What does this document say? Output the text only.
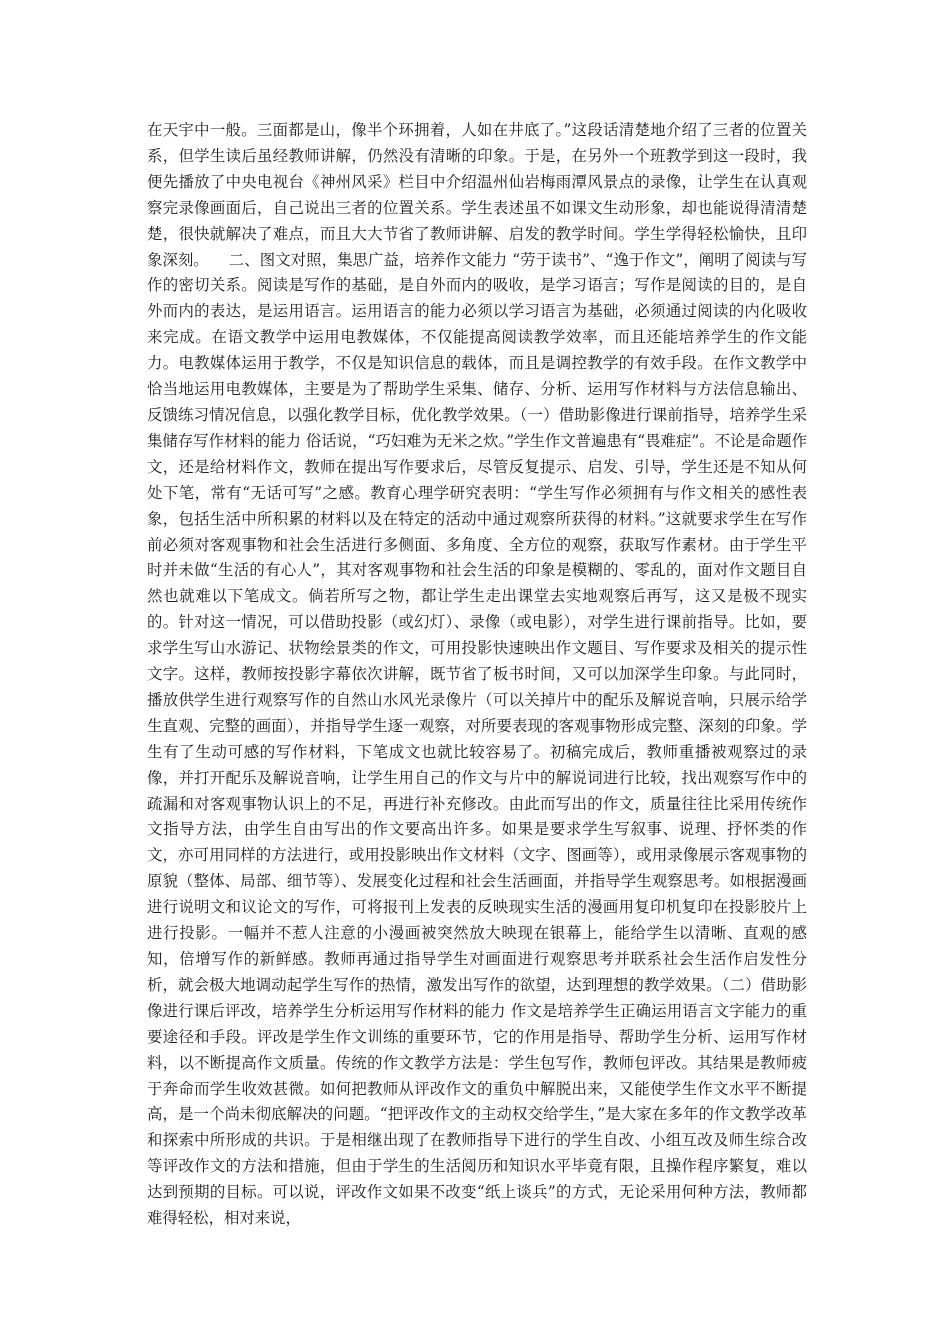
在天宇中一般。三面都是山，像半个环拥着，人如在井底了。”这段话清楚地介绍了三者的位置关系，但学生读后虽经教师讲解，仍然没有清晰的印象。于是，在另外一个班教学到这一段时，我便先播放了中央电视台《神州风采》栏目中介绍温州仙岩梅雨潭风景点的录像，让学生在认真观察完录像画面后，自己说出三者的位置关系。学生表述虽不如课文生动形象，却也能说得清清楚楚，很快就解决了难点，而且大大节省了教师讲解、启发的教学时间。学生学得轻松愉快，且印象深刻。    二、图文对照，集思广益，培养作文能力 “劳于读书”、“逸于作文”，阐明了阅读与写作的密切关系。阅读是写作的基础，是自外而内的吸收，是学习语言；写作是阅读的目的，是自外而内的表达，是运用语言。运用语言的能力必须以学习语言为基础，必须通过阅读的内化吸收来完成。在语文教学中运用电教媒体，不仅能提高阅读教学效率，而且还能培养学生的作文能力。电教媒体运用于教学，不仅是知识信息的载体，而且是调控教学的有效手段。在作文教学中恰当地运用电教媒体，主要是为了帮助学生采集、储存、分析、运用写作材料与方法信息输出、反馈练习情况信息，以强化教学目标，优化教学效果。（一）借助影像进行课前指导，培养学生采集储存写作材料的能力 俗话说，“巧妇难为无米之炊。”学生作文普遍患有“畏难症”。不论是命题作文，还是给材料作文，教师在提出写作要求后，尽管反复提示、启发、引导，学生还是不知从何处下笔，常有“无话可写”之感。教育心理学研究表明：“学生写作必须拥有与作文相关的感性表象，包括生活中所积累的材料以及在特定的活动中通过观察所获得的材料。”这就要求学生在写作前必须对客观事物和社会生活进行多侧面、多角度、全方位的观察，获取写作素材。由于学生平时并未做“生活的有心人”，其对客观事物和社会生活的印象是模糊的、零乱的，面对作文题目自然也就难以下笔成文。倘若所写之物，都让学生走出课堂去实地观察后再写，这又是极不现实的。针对这一情况，可以借助投影（或幻灯）、录像（或电影），对学生进行课前指导。比如，要求学生写山水游记、状物绘景类的作文，可用投影快速映出作文题目、写作要求及相关的提示性文字。这样，教师按投影字幕依次讲解，既节省了板书时间，又可以加深学生印象。与此同时，播放供学生进行观察写作的自然山水风光录像片（可以关掉片中的配乐及解说音响，只展示给学生直观、完整的画面），并指导学生逐一观察，对所要表现的客观事物形成完整、深刻的印象。学生有了生动可感的写作材料，下笔成文也就比较容易了。初稿完成后，教师重播被观察过的录像，并打开配乐及解说音响，让学生用自己的作文与片中的解说词进行比较，找出观察写作中的疏漏和对客观事物认识上的不足，再进行补充修改。由此而写出的作文，质量往往比采用传统作文指导方法，由学生自由写出的作文要高出许多。如果是要求学生写叙事、说理、抒怀类的作文，亦可用同样的方法进行，或用投影映出作文材料（文字、图画等），或用录像展示客观事物的原貌（整体、局部、细节等）、发展变化过程和社会生活画面，并指导学生观察思考。如根据漫画进行说明文和议论文的写作，可将报刊上发表的反映现实生活的漫画用复印机复印在投影胶片上进行投影。一幅并不惹人注意的小漫画被突然放大映现在银幕上，能给学生以清晰、直观的感知，倍增写作的新鲜感。教师再通过指导学生对画面进行观察思考并联系社会生活作启发性分析，就会极大地调动起学生写作的热情，激发出写作的欲望，达到理想的教学效果。（二）借助影像进行课后评改，培养学生分析运用写作材料的能力 作文是培养学生正确运用语言文字能力的重要途径和手段。评改是学生作文训练的重要环节，它的作用是指导、帮助学生分析、运用写作材料，以不断提高作文质量。传统的作文教学方法是：学生包写作，教师包评改。其结果是教师疲于奔命而学生收效甚微。如何把教师从评改作文的重负中解脱出来，又能使学生作文水平不断提高，是一个尚未彻底解决的问题。“把评改作文的主动权交给学生，”是大家在多年的作文教学改革和探索中所形成的共识。于是相继出现了在教师指导下进行的学生自改、小组互改及师生综合改等评改作文的方法和措施，但由于学生的生活阅历和知识水平毕竟有限，且操作程序繁复，难以达到预期的目标。可以说，评改作文如果不改变“纸上谈兵”的方式，无论采用何种方法，教师都难得轻松，相对来说，
